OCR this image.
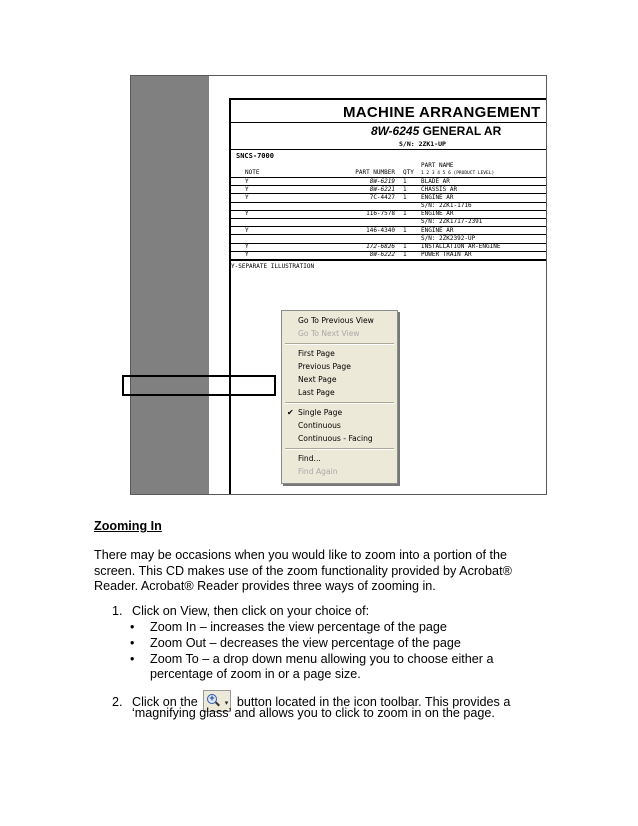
MACHINE ARRANGEMENT
8W-6245 GENERAL AR
S/N: 2ZK1-UP
SNCS-7000
NOTE	PART NUMBER QTY
PART NAME
1 2 3 4 5 6 (PRODUCT LEVEL)
Y	8W-6219 1 BLADE AR
Y	8W-6221 1 CHASSIS AR
Y	7C-4427 1 ENGINE AR
S/N: 2ZK1-1716
Y	116-7578 1 ENGINE AR
S/N: 2ZK1717-2391
Y	146-4340 1 ENGINE AR
S/N: 2ZK2392-UP
Y	172-6826 1 INSTALLATION AR-ENGINE
Y	8W-6222 1 POWER TRAIN AR
Y-SEPARATE ILLUSTRATION
Go To Previous View
Go To Next View
First Page
Previous Page
Next Page
Last Page
✔ Single Page
Continuous
Continuous - Facing
Find...
Find Again
Zooming In
There may be occasions when you would like to zoom into a portion of the
screen. This CD makes use of the zoom functionality provided by Acrobat®
Reader. Acrobat® Reader provides three ways of zooming in.
1. Click on View, then click on your choice of:
• Zoom In – increases the view percentage of the page
• Zoom Out – decreases the view percentage of the page
• Zoom To – a drop down menu allowing you to choose either a
percentage of zoom in or a page size.
2. Click on the +
▾ button located in the icon toolbar. This provides a
‘magnifying glass’ and allows you to click to zoom in on the page.
